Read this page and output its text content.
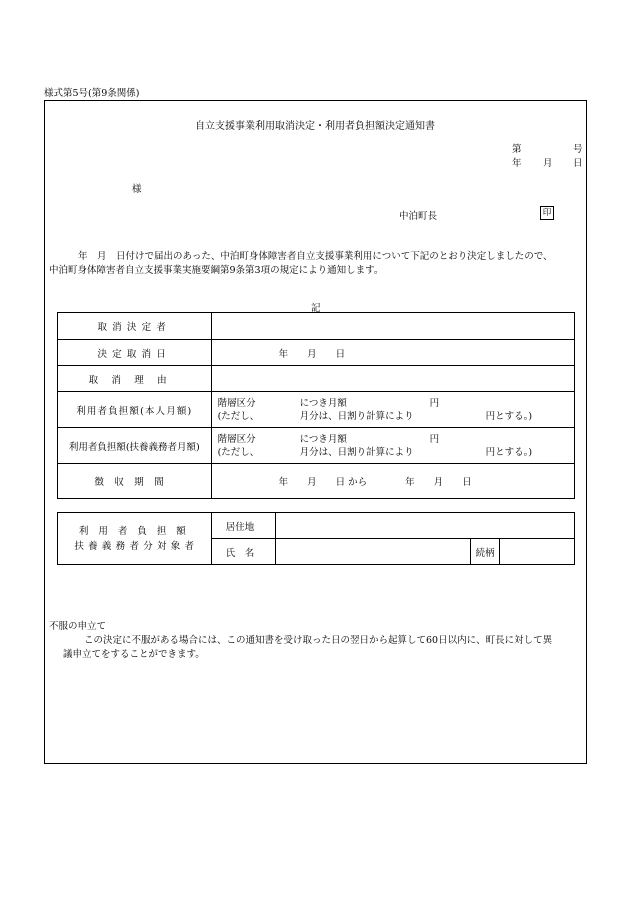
様式第5号(第9条関係)
自立支援事業利用取消決定・利用者負担額決定通知書
第	号
年 月 日
様
中泊町長	印
年　月　日付けで届出のあった、中泊町身体障害者自立支援事業利用について下記のとおり決定しましたので、
中泊町身体障害者自立支援事業実施要綱第9条第3項の規定により通知します。
記
取消決定者	
決定取消日	年　　月　　日
取消理由	
利用者負担額(本人月額)	階層区分 につき月額 円
(ただし、 月分は、日割り計算により 円とする。)

利用者負担額(扶養義務者月額)	階層区分 につき月額 円
(ただし、 月分は、日割り計算により 円とする。)

徴収期間	年　　月　　日 から　　　　年　　月　　日
利用者負担額
扶養義務者分対象者	居住地			
	氏　名		続柄	
不服の申立て
この決定に不服がある場合には、この通知書を受け取った日の翌日から起算して60日以内に、町長に対して異
議申立てをすることができます。
